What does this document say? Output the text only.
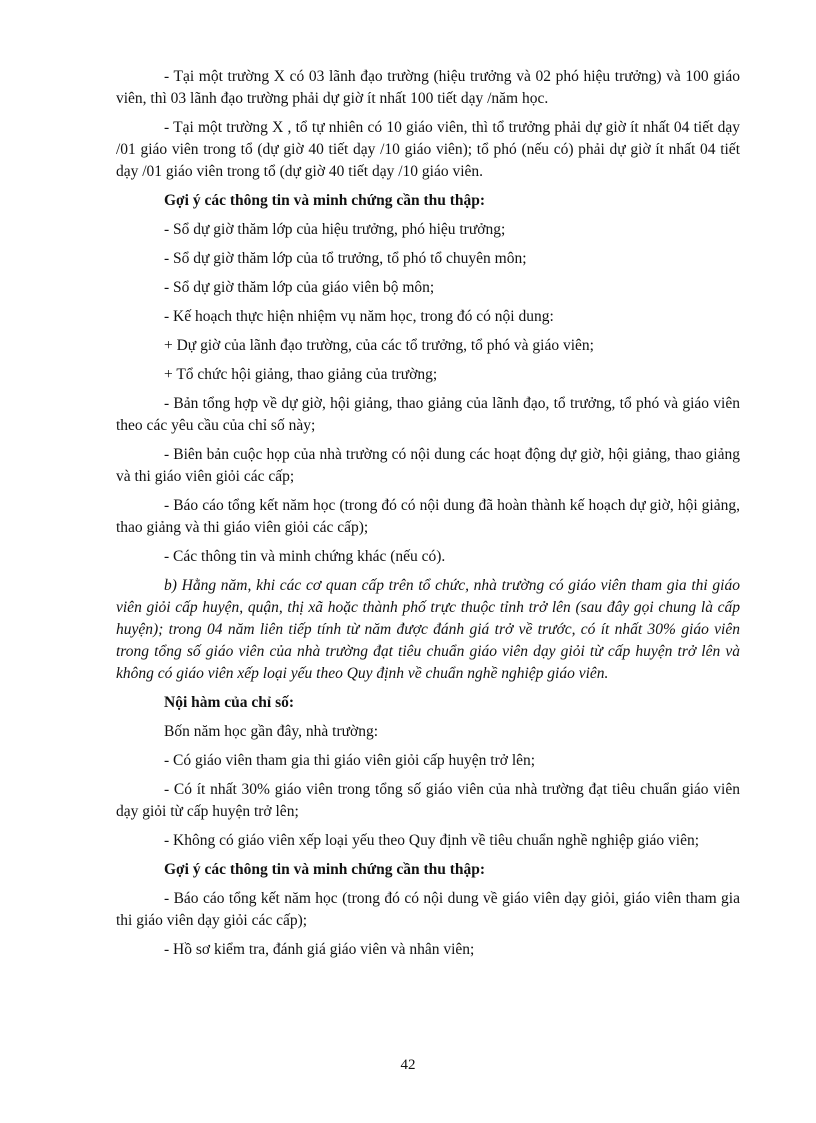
- Tại một trường X có 03 lãnh đạo trường (hiệu trưởng và 02 phó hiệu trưởng) và 100 giáo viên, thì 03 lãnh đạo trường phải dự giờ ít nhất 100 tiết dạy /năm học.

- Tại một trường X , tổ tự nhiên có 10 giáo viên, thì tổ trưởng phải dự giờ ít nhất 04 tiết dạy /01 giáo viên trong tổ (dự giờ 40 tiết dạy /10 giáo viên); tổ phó (nếu có) phải dự giờ ít nhất 04 tiết dạy /01 giáo viên trong tổ (dự giờ 40 tiết dạy /10 giáo viên.

Gợi ý các thông tin và minh chứng cần thu thập:

- Sổ dự giờ thăm lớp của hiệu trưởng, phó hiệu trưởng;

- Sổ dự giờ thăm lớp của tổ trưởng, tổ phó tổ chuyên môn;

- Sổ dự giờ thăm lớp của giáo viên bộ môn;

- Kế hoạch thực hiện nhiệm vụ năm học, trong đó có nội dung:

+ Dự giờ của lãnh đạo trường, của các tổ trưởng, tổ phó và giáo viên;

+ Tổ chức hội giảng, thao giảng của trường;

- Bản tổng hợp về dự giờ, hội giảng, thao giảng của lãnh đạo, tổ trưởng, tổ phó và giáo viên theo các yêu cầu của chỉ số này;

- Biên bản cuộc họp của nhà trường có nội dung các hoạt động dự giờ, hội giảng, thao giảng và thi giáo viên giỏi các cấp;

- Báo cáo tổng kết năm học (trong đó có nội dung đã hoàn thành kế hoạch dự giờ, hội giảng, thao giảng và thi giáo viên giỏi các cấp);

- Các thông tin và minh chứng khác (nếu có).

b) Hằng năm, khi các cơ quan cấp trên tổ chức, nhà trường có giáo viên tham gia thi giáo viên giỏi cấp huyện, quận, thị xã hoặc thành phố trực thuộc tỉnh trở lên (sau đây gọi chung là cấp huyện); trong 04 năm liên tiếp tính từ năm được đánh giá trở về trước, có ít nhất 30% giáo viên trong tổng số giáo viên của nhà trường đạt tiêu chuẩn giáo viên dạy giỏi từ cấp huyện trở lên và không có giáo viên xếp loại yếu theo Quy định về chuẩn nghề nghiệp giáo viên.

Nội hàm của chỉ số:

Bốn năm học gần đây, nhà trường:

- Có giáo viên tham gia thi giáo viên giỏi cấp huyện trở lên;

- Có ít nhất 30% giáo viên trong tổng số giáo viên của nhà trường đạt tiêu chuẩn giáo viên dạy giỏi từ cấp huyện trở lên;

- Không có giáo viên xếp loại yếu theo Quy định về tiêu chuẩn nghề nghiệp giáo viên;

Gợi ý các thông tin và minh chứng cần thu thập:

- Báo cáo tổng kết năm học (trong đó có nội dung về giáo viên dạy giỏi, giáo viên tham gia thi giáo viên dạy giỏi các cấp);

- Hồ sơ kiểm tra, đánh giá giáo viên và nhân viên;

42
